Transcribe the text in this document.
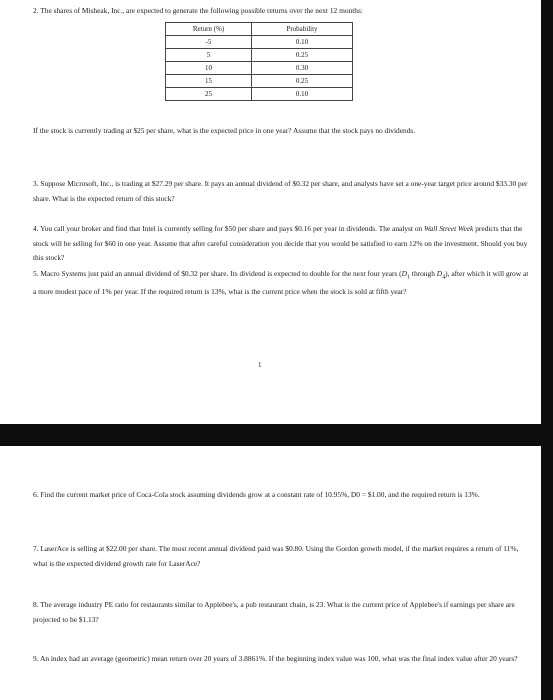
2. The shares of Misheak, Inc., are expected to generate the following possible returns over the next 12 months:

Return (%)	Probability
-5	0.10
5	0.25
10	0.30
15	0.25
25	0.10

If the stock is currently trading at $25 per share, what is the expected price in one year? Assume that the stock pays no dividends.

3. Suppose Microsoft, Inc., is trading at $27.29 per share. It pays an annual dividend of $0.32 per share, and analysts have set a one-year target price around $33.30 per share. What is the expected return of this stock?

4. You call your broker and find that Intel is currently selling for $50 per share and pays $0.16 per year in dividends. The analyst on Wall Street Week predicts that the stock will be selling for $60 in one year. Assume that after careful consideration you decide that you would be satisfied to earn 12% on the investment. Should you buy this stock?

5. Macro Systems just paid an annual dividend of $0.32 per share. Its dividend is expected to double for the next four years ($D_1$ through $D_4$), after which it will grow at a more modest pace of 1% per year. If the required return is 13%, what is the current price when the stock is sold at fifth year?

1

6. Find the current market price of Coca-Cola stock assuming dividends grow at a constant rate of 10.95%, D0 = $1.00, and the required return is 13%.

7. LaserAce is selling at $22.00 per share. The most recent annual dividend paid was $0.80. Using the Gordon growth model, if the market requires a return of 11%, what is the expected dividend growth rate for LaserAce?

8. The average industry PE ratio for restaurants similar to Applebee's, a pub restaurant chain, is 23. What is the current price of Applebee's if earnings per share are projected to be $1.13?

9. An index had an average (geometric) mean return over 20 years of 3.8861%. If the beginning index value was 100, what was the final index value after 20 years?
